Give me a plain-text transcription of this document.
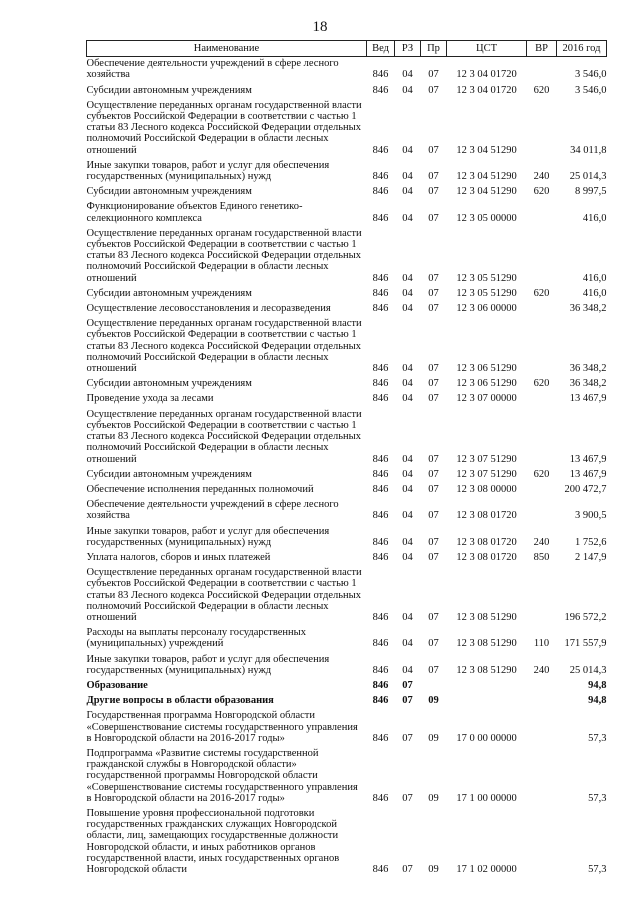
18
Наименование	Вед	РЗ	Пр	ЦСТ	ВР	2016 год
Обеспечение деятельности учреждений в сфере лесного хозяйства	846	04	07	12 3 04 01720		3 546,0
Субсидии автономным учреждениям	846	04	07	12 3 04 01720	620	3 546,0
Осуществление переданных органам государственной власти субъектов Российской Федерации в соответствии с частью 1 статьи 83 Лесного кодекса Российской Федерации отдельных полномочий Российской Федерации в области лесных отношений	846	04	07	12 3 04 51290		34 011,8
Иные закупки товаров, работ и услуг для обеспечения государственных (муниципальных) нужд	846	04	07	12 3 04 51290	240	25 014,3
Субсидии автономным учреждениям	846	04	07	12 3 04 51290	620	8 997,5
Функционирование объектов Единого генетико-селекционного комплекса	846	04	07	12 3 05 00000		416,0
Осуществление переданных органам государственной власти субъектов Российской Федерации в соответствии с частью 1 статьи 83 Лесного кодекса Российской Федерации отдельных полномочий Российской Федерации в области лесных отношений	846	04	07	12 3 05 51290		416,0
Субсидии автономным учреждениям	846	04	07	12 3 05 51290	620	416,0
Осуществление лесовосстановления и лесоразведения	846	04	07	12 3 06 00000		36 348,2
Осуществление переданных органам государственной власти субъектов Российской Федерации в соответствии с частью 1 статьи 83 Лесного кодекса Российской Федерации отдельных полномочий Российской Федерации в области лесных отношений	846	04	07	12 3 06 51290		36 348,2
Субсидии автономным учреждениям	846	04	07	12 3 06 51290	620	36 348,2
Проведение ухода за лесами	846	04	07	12 3 07 00000		13 467,9
Осуществление переданных органам государственной власти субъектов Российской Федерации в соответствии с частью 1 статьи 83 Лесного кодекса Российской Федерации отдельных полномочий Российской Федерации в области лесных отношений	846	04	07	12 3 07 51290		13 467,9
Субсидии автономным учреждениям	846	04	07	12 3 07 51290	620	13 467,9
Обеспечение исполнения переданных полномочий	846	04	07	12 3 08 00000		200 472,7
Обеспечение деятельности учреждений в сфере лесного хозяйства	846	04	07	12 3 08 01720		3 900,5
Иные закупки товаров, работ и услуг для обеспечения государственных (муниципальных) нужд	846	04	07	12 3 08 01720	240	1 752,6
Уплата налогов, сборов и иных платежей	846	04	07	12 3 08 01720	850	2 147,9
Осуществление переданных органам государственной власти субъектов Российской Федерации в соответствии с частью 1 статьи 83 Лесного кодекса Российской Федерации отдельных полномочий Российской Федерации в области лесных отношений	846	04	07	12 3 08 51290		196 572,2
Расходы на выплаты персоналу государственных (муниципальных) учреждений	846	04	07	12 3 08 51290	110	171 557,9
Иные закупки товаров, работ и услуг для обеспечения государственных (муниципальных) нужд	846	04	07	12 3 08 51290	240	25 014,3
Образование	846	07				94,8
Другие вопросы в области образования	846	07	09			94,8
Государственная программа Новгородской области «Совершенствование системы государственного управления в Новгородской области на 2016-2017 годы»	846	07	09	17 0 00 00000		57,3
Подпрограмма «Развитие системы государственной гражданской службы в Новгородской области» государственной программы Новгородской области «Совершенствование системы государственного управления в Новгородской области на 2016-2017 годы»	846	07	09	17 1 00 00000		57,3
Повышение уровня профессиональной подготовки государственных гражданских служащих Новгородской области, лиц, замещающих государственные должности Новгородской области, и иных работников органов государственной власти, иных государственных органов Новгородской области	846	07	09	17 1 02 00000		57,3
